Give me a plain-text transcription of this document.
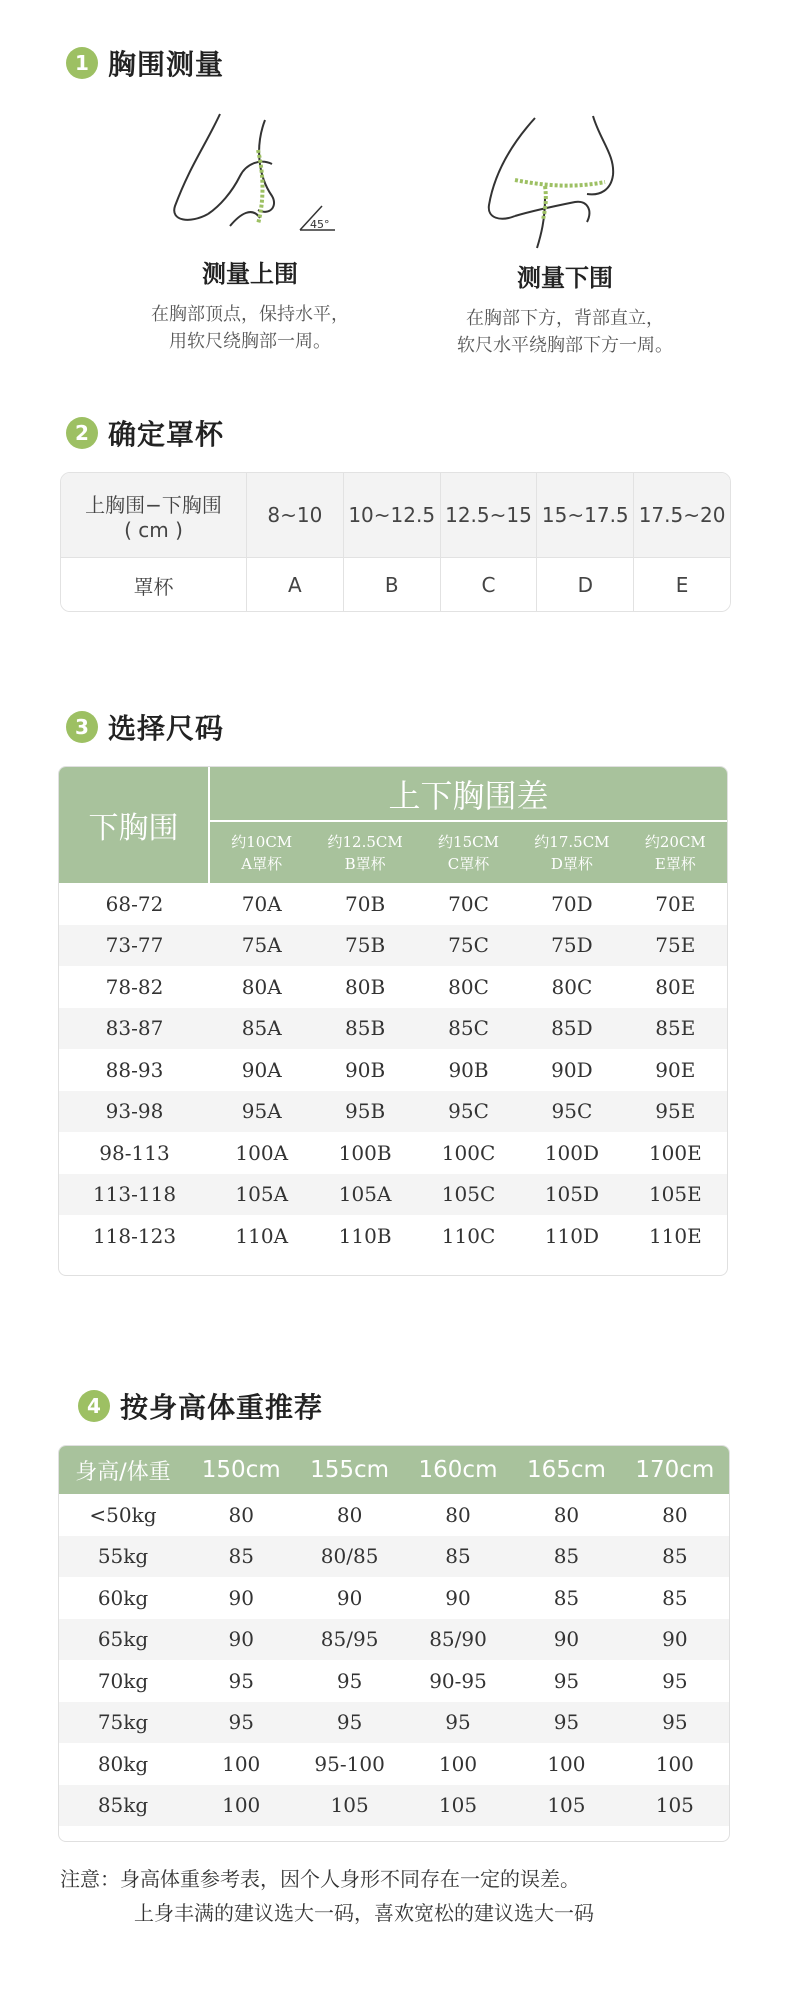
1 胸围测量
45°
测量上围
在胸部顶点，保持水平，
用软尺绕胸部一周。
测量下围
在胸部下方，背部直立，
软尺水平绕胸部下方一周。
2 确定罩杯
上胸围−下胸围
( cm )
8~10	10~12.5 12.5~15 15~17.5 17.5~20
罩杯	A	B	C	D	E
3 选择尺码
下胸围
上下胸围差
约10CM
A罩杯
约12.5CM
B罩杯
约15CM
C罩杯
约17.5CM
D罩杯
约20CM
E罩杯
68-72	70A	70B	70C	70D	70E
73-77	75A	75B	75C	75D	75E
78-82	80A	80B	80C	80C	80E
83-87	85A	85B	85C	85D	85E
88-93	90A	90B	90B	90D	90E
93-98	95A	95B	95C	95C	95E
98-113	100A	100B	100C	100D	100E
113-118	105A	105A	105C	105D	105E
118-123	110A	110B	110C	110D	110E
4 按身高体重推荐
身高/体重	150cm	155cm	160cm	165cm	170cm
<50kg	80	80	80	80	80
55kg	85	80/85	85	85	85
60kg	90	90	90	85	85
65kg	90	85/95	85/90	90	90
70kg	95	95	90-95	95	95
75kg	95	95	95	95	95
80kg	100	95-100	100	100	100
85kg	100	105	105	105	105
注意：身高体重参考表，因个人身形不同存在一定的误差。
上身丰满的建议选大一码，喜欢宽松的建议选大一码
